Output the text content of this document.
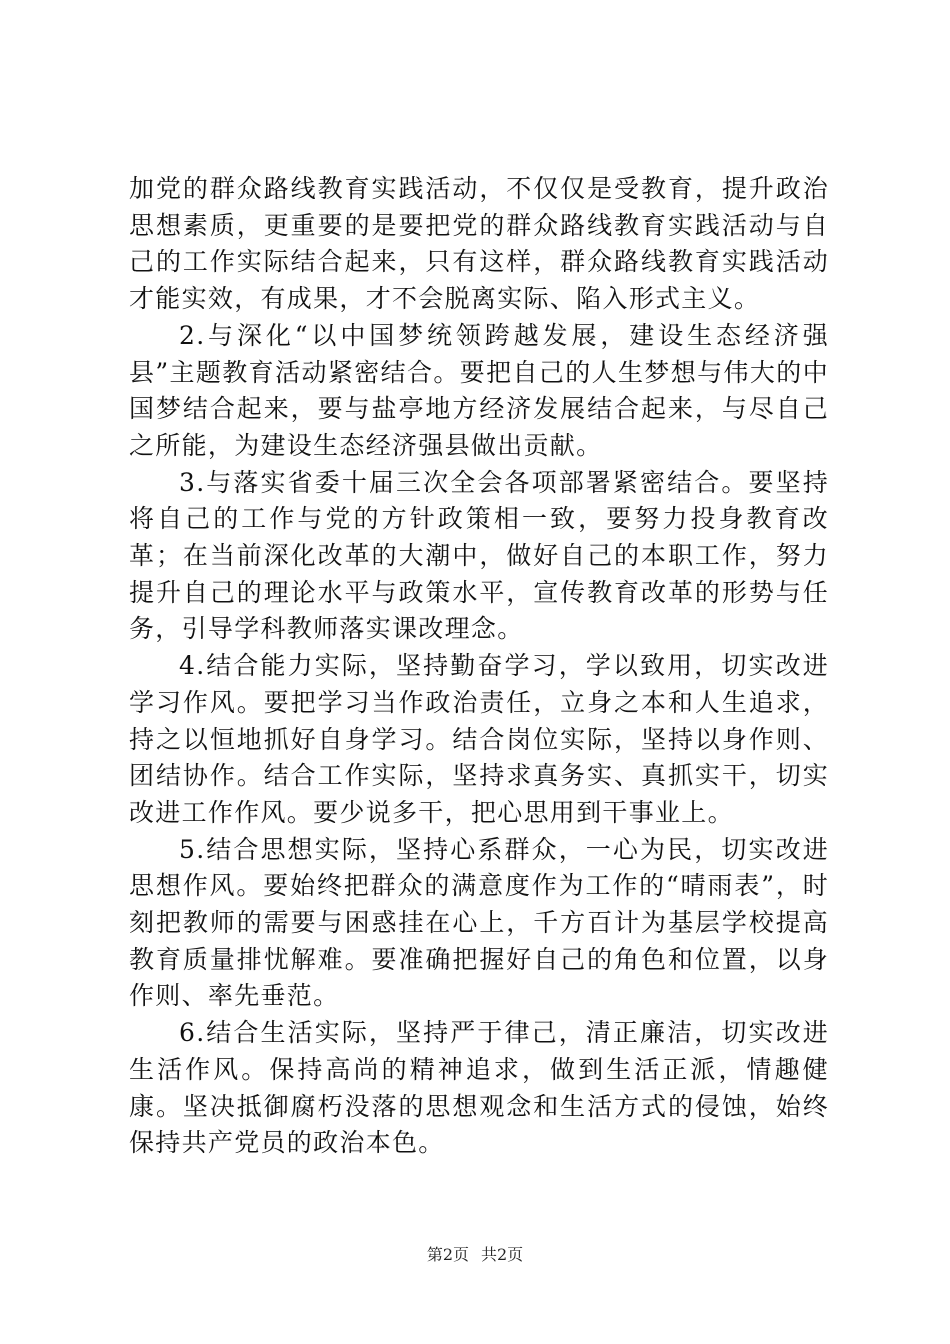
加党的群众路线教育实践活动，不仅仅是受教育，提升政治思想素质，更重要的是要把党的群众路线教育实践活动与自己的工作实际结合起来，只有这样，群众路线教育实践活动才能实效，有成果，才不会脱离实际、陷入形式主义。

2.与深化“以中国梦统领跨越发展，建设生态经济强县”主题教育活动紧密结合。要把自己的人生梦想与伟大的中国梦结合起来，要与盐亭地方经济发展结合起来，与尽自己之所能，为建设生态经济强县做出贡献。

3.与落实省委十届三次全会各项部署紧密结合。要坚持将自己的工作与党的方针政策相一致，要努力投身教育改革；在当前深化改革的大潮中，做好自己的本职工作，努力提升自己的理论水平与政策水平，宣传教育改革的形势与任务，引导学科教师落实课改理念。

4.结合能力实际，坚持勤奋学习，学以致用，切实改进学习作风。要把学习当作政治责任，立身之本和人生追求，持之以恒地抓好自身学习。结合岗位实际，坚持以身作则、团结协作。结合工作实际，坚持求真务实、真抓实干，切实改进工作作风。要少说多干，把心思用到干事业上。

5.结合思想实际，坚持心系群众，一心为民，切实改进思想作风。要始终把群众的满意度作为工作的“晴雨表”，时刻把教师的需要与困惑挂在心上，千方百计为基层学校提高教育质量排忧解难。要准确把握好自己的角色和位置，以身作则、率先垂范。

6.结合生活实际，坚持严于律己，清正廉洁，切实改进生活作风。保持高尚的精神追求，做到生活正派，情趣健康。坚决抵御腐朽没落的思想观念和生活方式的侵蚀，始终保持共产党员的政治本色。

第2页 共2页
